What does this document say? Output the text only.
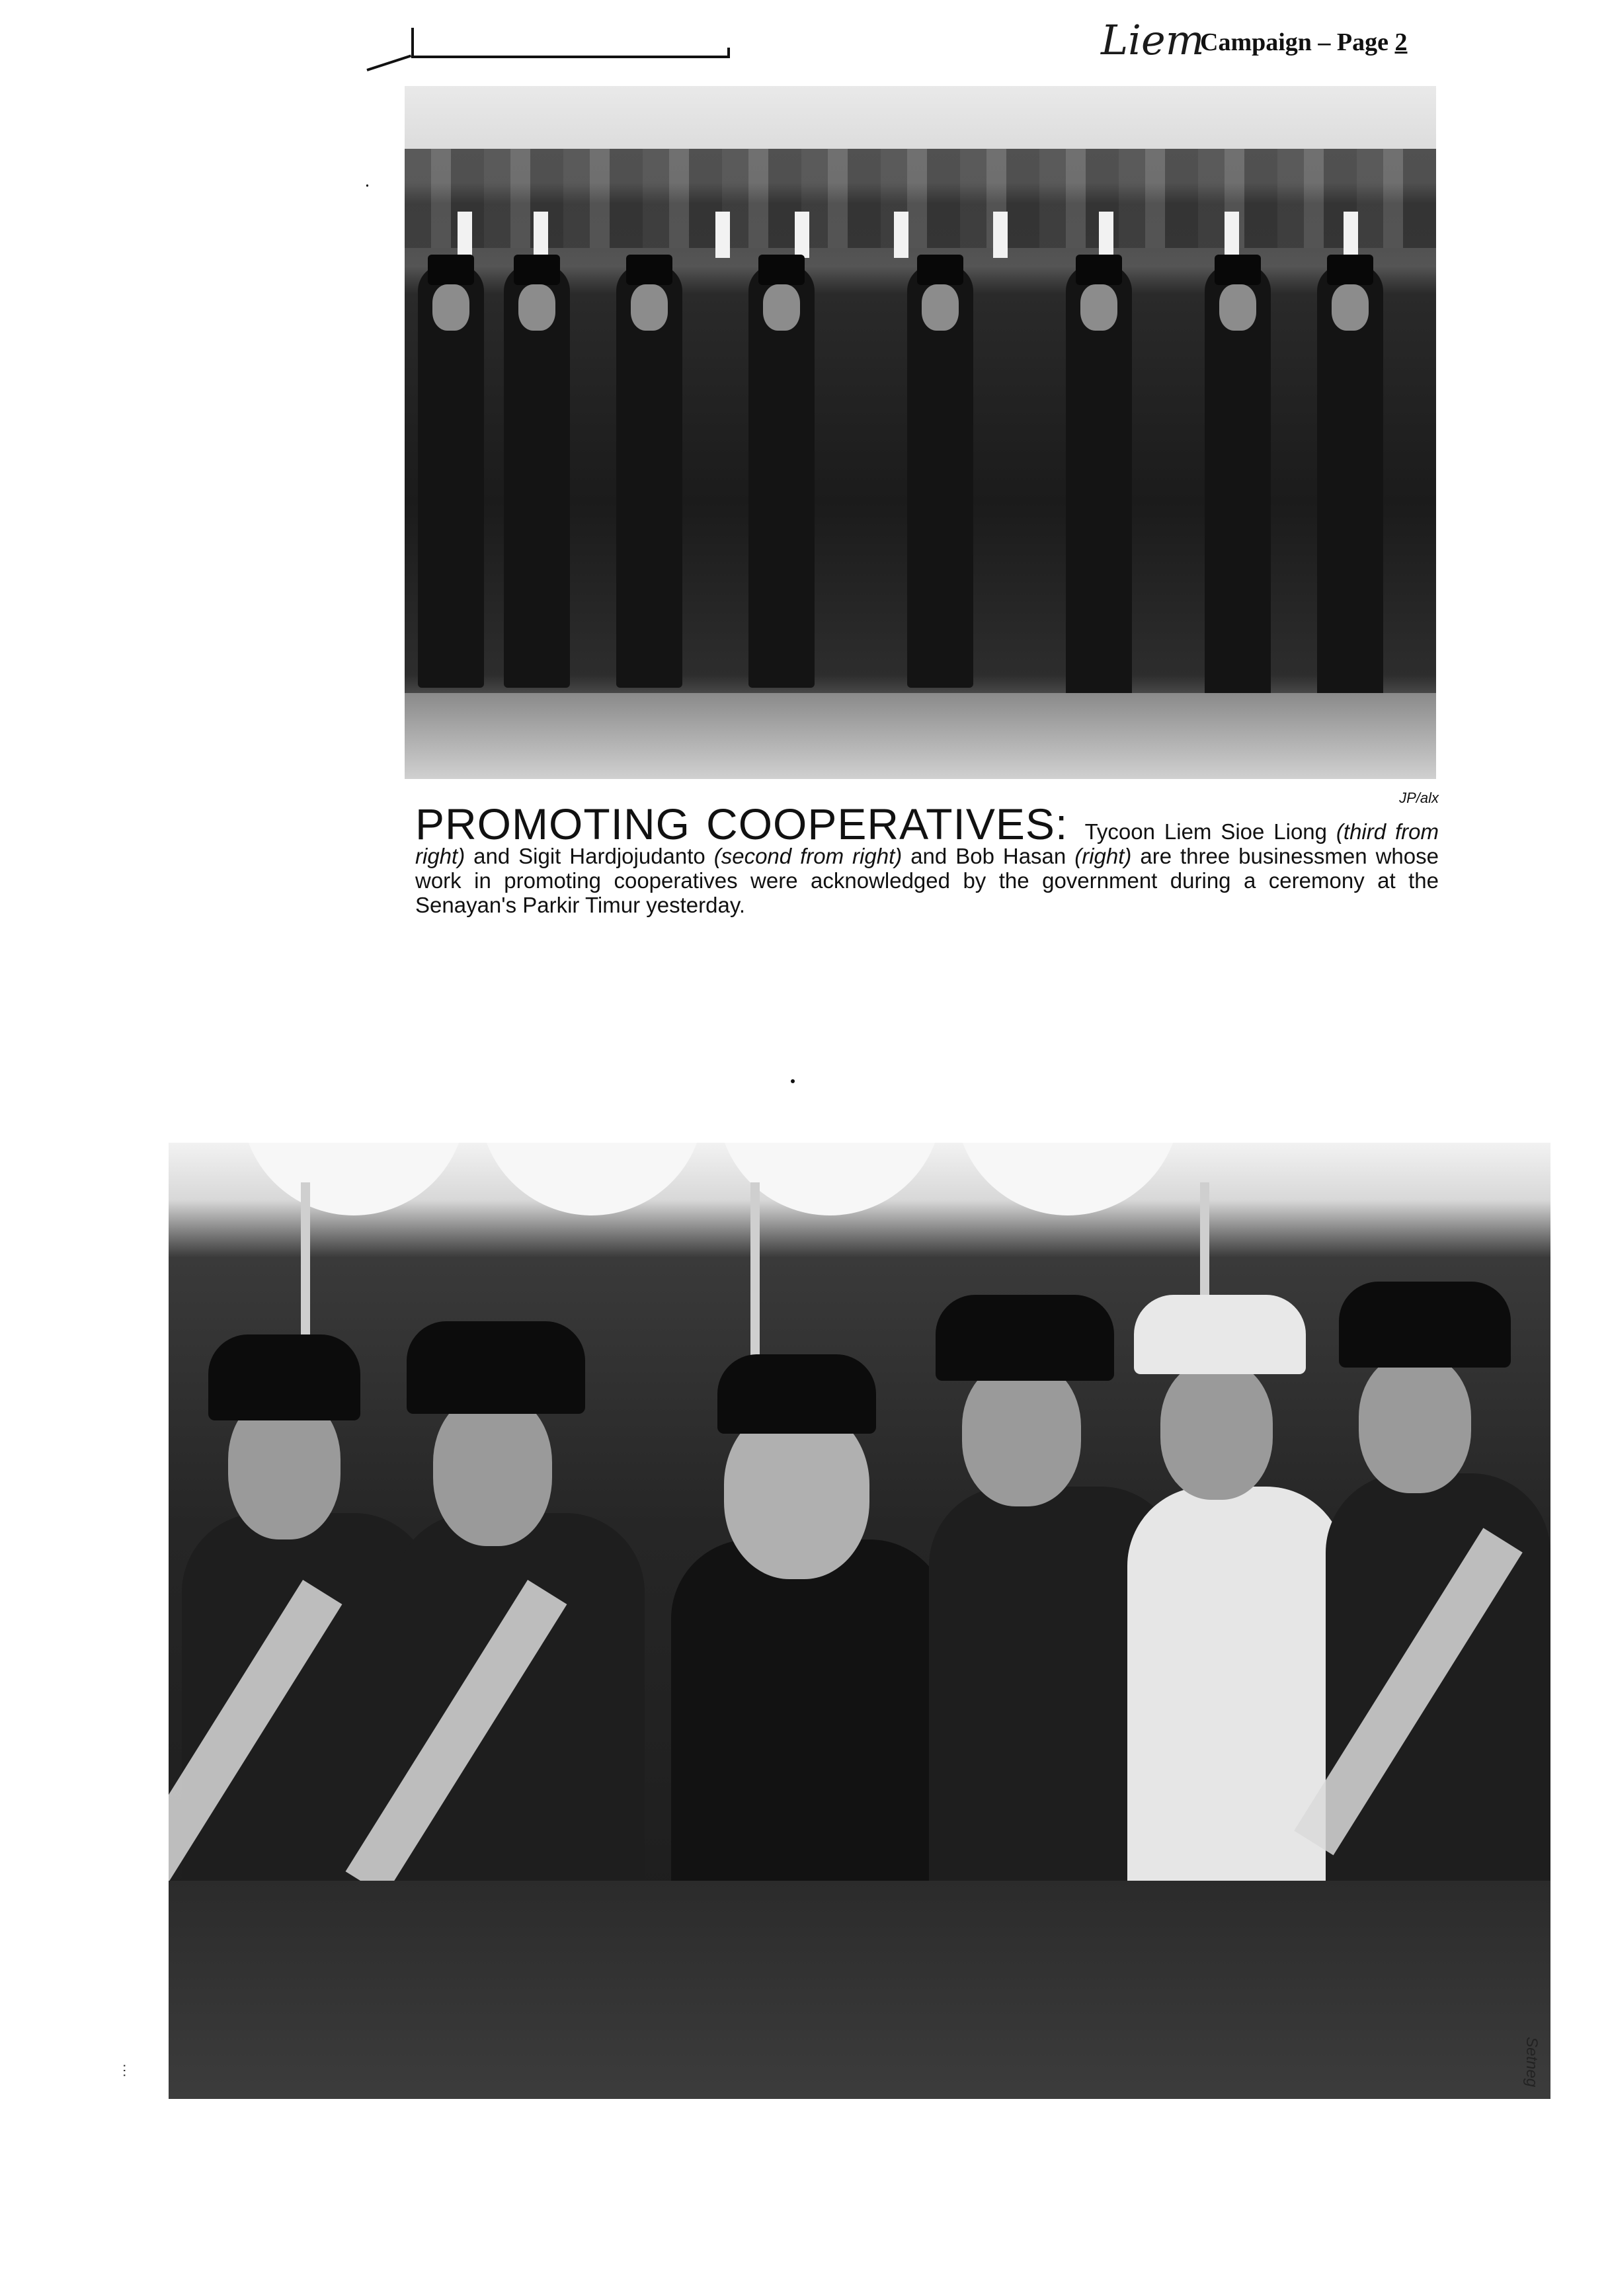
⸱
Liem
Campaign – Page 2
JP/alx
PROMOTING COOPERATIVES: Tycoon Liem Sioe Liong (third from right) and Sigit Hardjojudanto (second from right) and Bob Hasan (right) are three businessmen whose work in promoting cooperatives were acknowledged by the government during a ceremony at the Senayan's Parkir Timur yesterday.
Setneg
···
